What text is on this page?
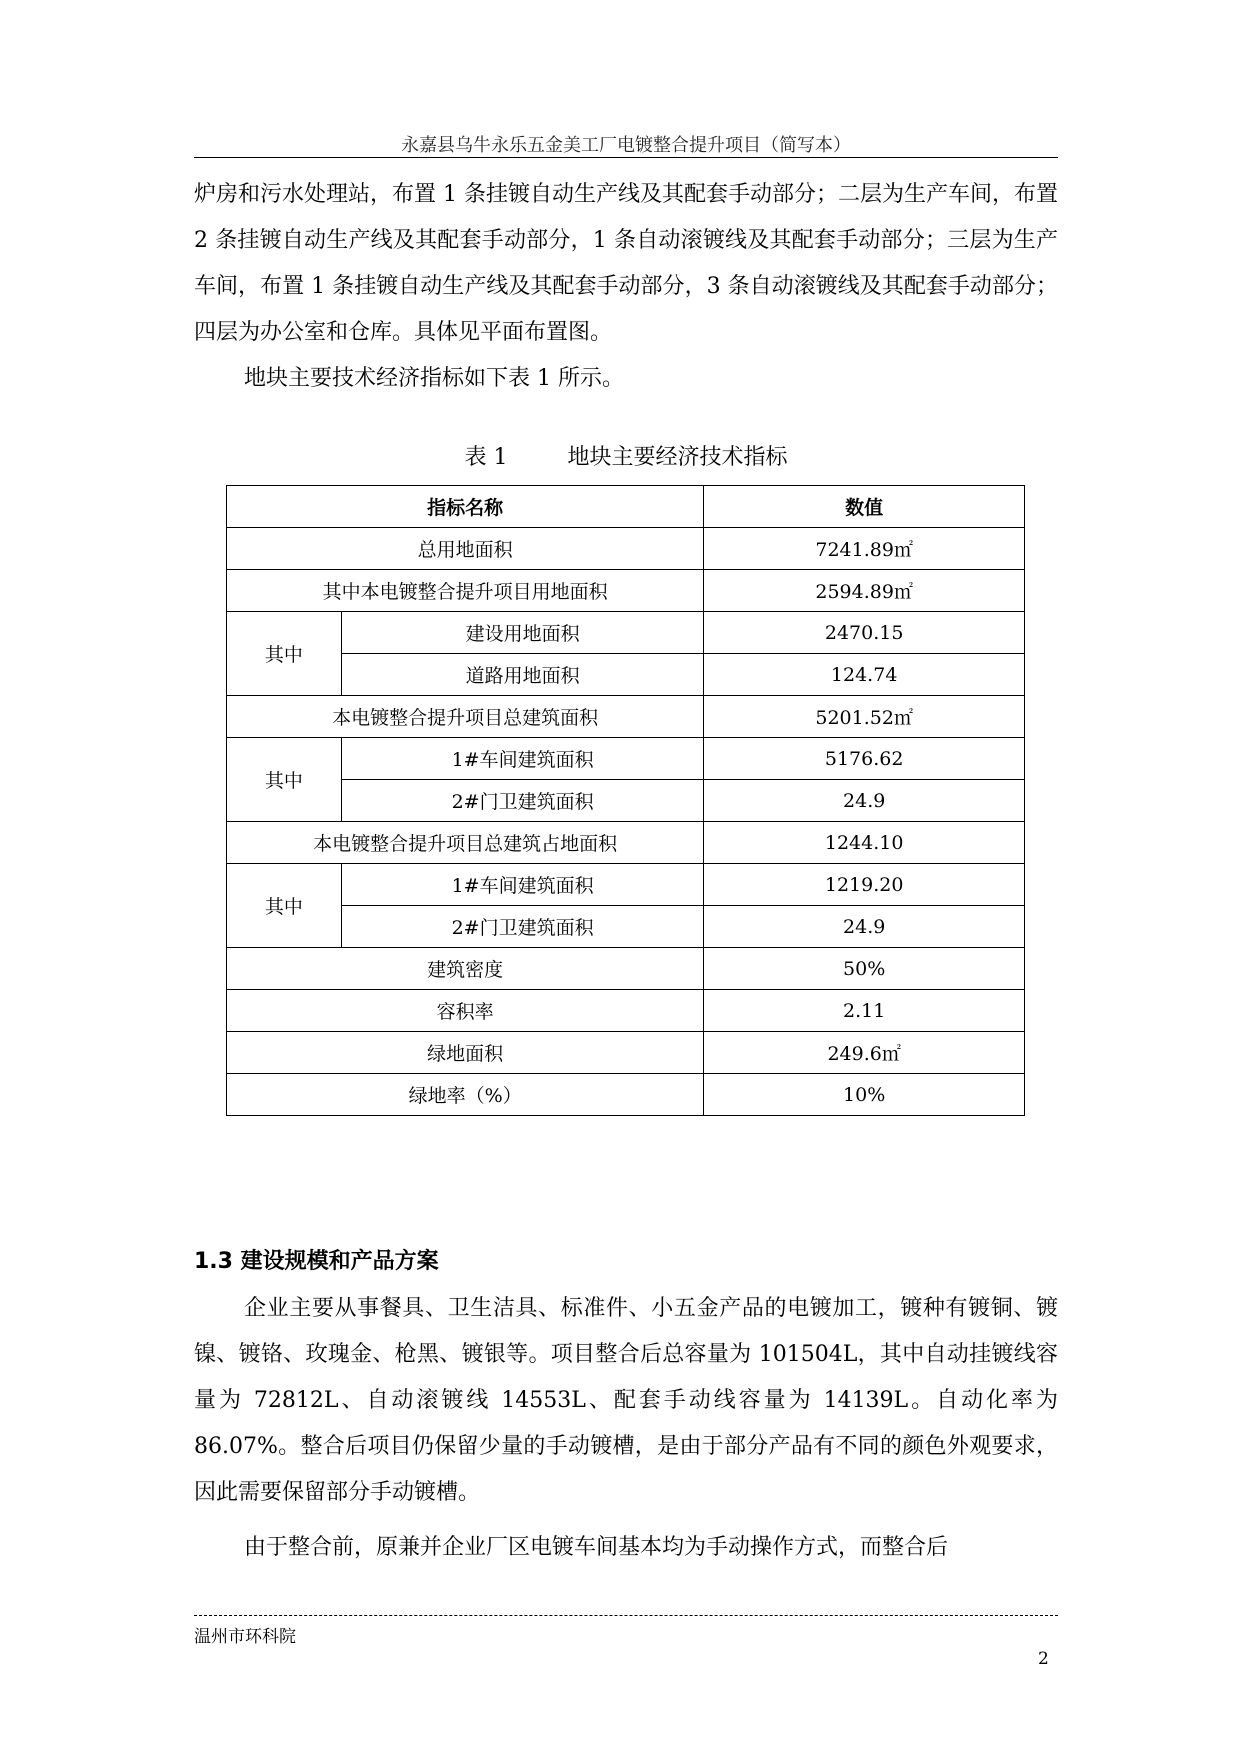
永嘉县乌牛永乐五金美工厂电镀整合提升项目（简写本）

炉房和污水处理站，布置 1 条挂镀自动生产线及其配套手动部分；二层为生产车间，布置 2 条挂镀自动生产线及其配套手动部分，1 条自动滚镀线及其配套手动部分；三层为生产车间，布置 1 条挂镀自动生产线及其配套手动部分，3 条自动滚镀线及其配套手动部分；四层为办公室和仓库。具体见平面布置图。

地块主要技术经济指标如下表 1 所示。

表 1	地块主要经济技术指标
指标名称		数值
总用地面积		7241.89㎡
其中本电镀整合提升项目用地面积		2594.89㎡
其中	建设用地面积	2470.15
	道路用地面积	124.74
本电镀整合提升项目总建筑面积		5201.52㎡
其中	1#车间建筑面积	5176.62
	2#门卫建筑面积	24.9
本电镀整合提升项目总建筑占地面积		1244.10
其中	1#车间建筑面积	1219.20
	2#门卫建筑面积	24.9
建筑密度		50%
容积率		2.11
绿地面积		249.6㎡
绿地率（%）		10%
1.3 建设规模和产品方案

企业主要从事餐具、卫生洁具、标准件、小五金产品的电镀加工，镀种有镀铜、镀镍、镀铬、玫瑰金、枪黑、镀银等。项目整合后总容量为 101504L，其中自动挂镀线容量为 72812L、自动滚镀线 14553L、配套手动线容量为 14139L。自动化率为 86.07%。整合后项目仍保留少量的手动镀槽，是由于部分产品有不同的颜色外观要求，因此需要保留部分手动镀槽。

由于整合前，原兼并企业厂区电镀车间基本均为手动操作方式，而整合后

温州市环科院
2
